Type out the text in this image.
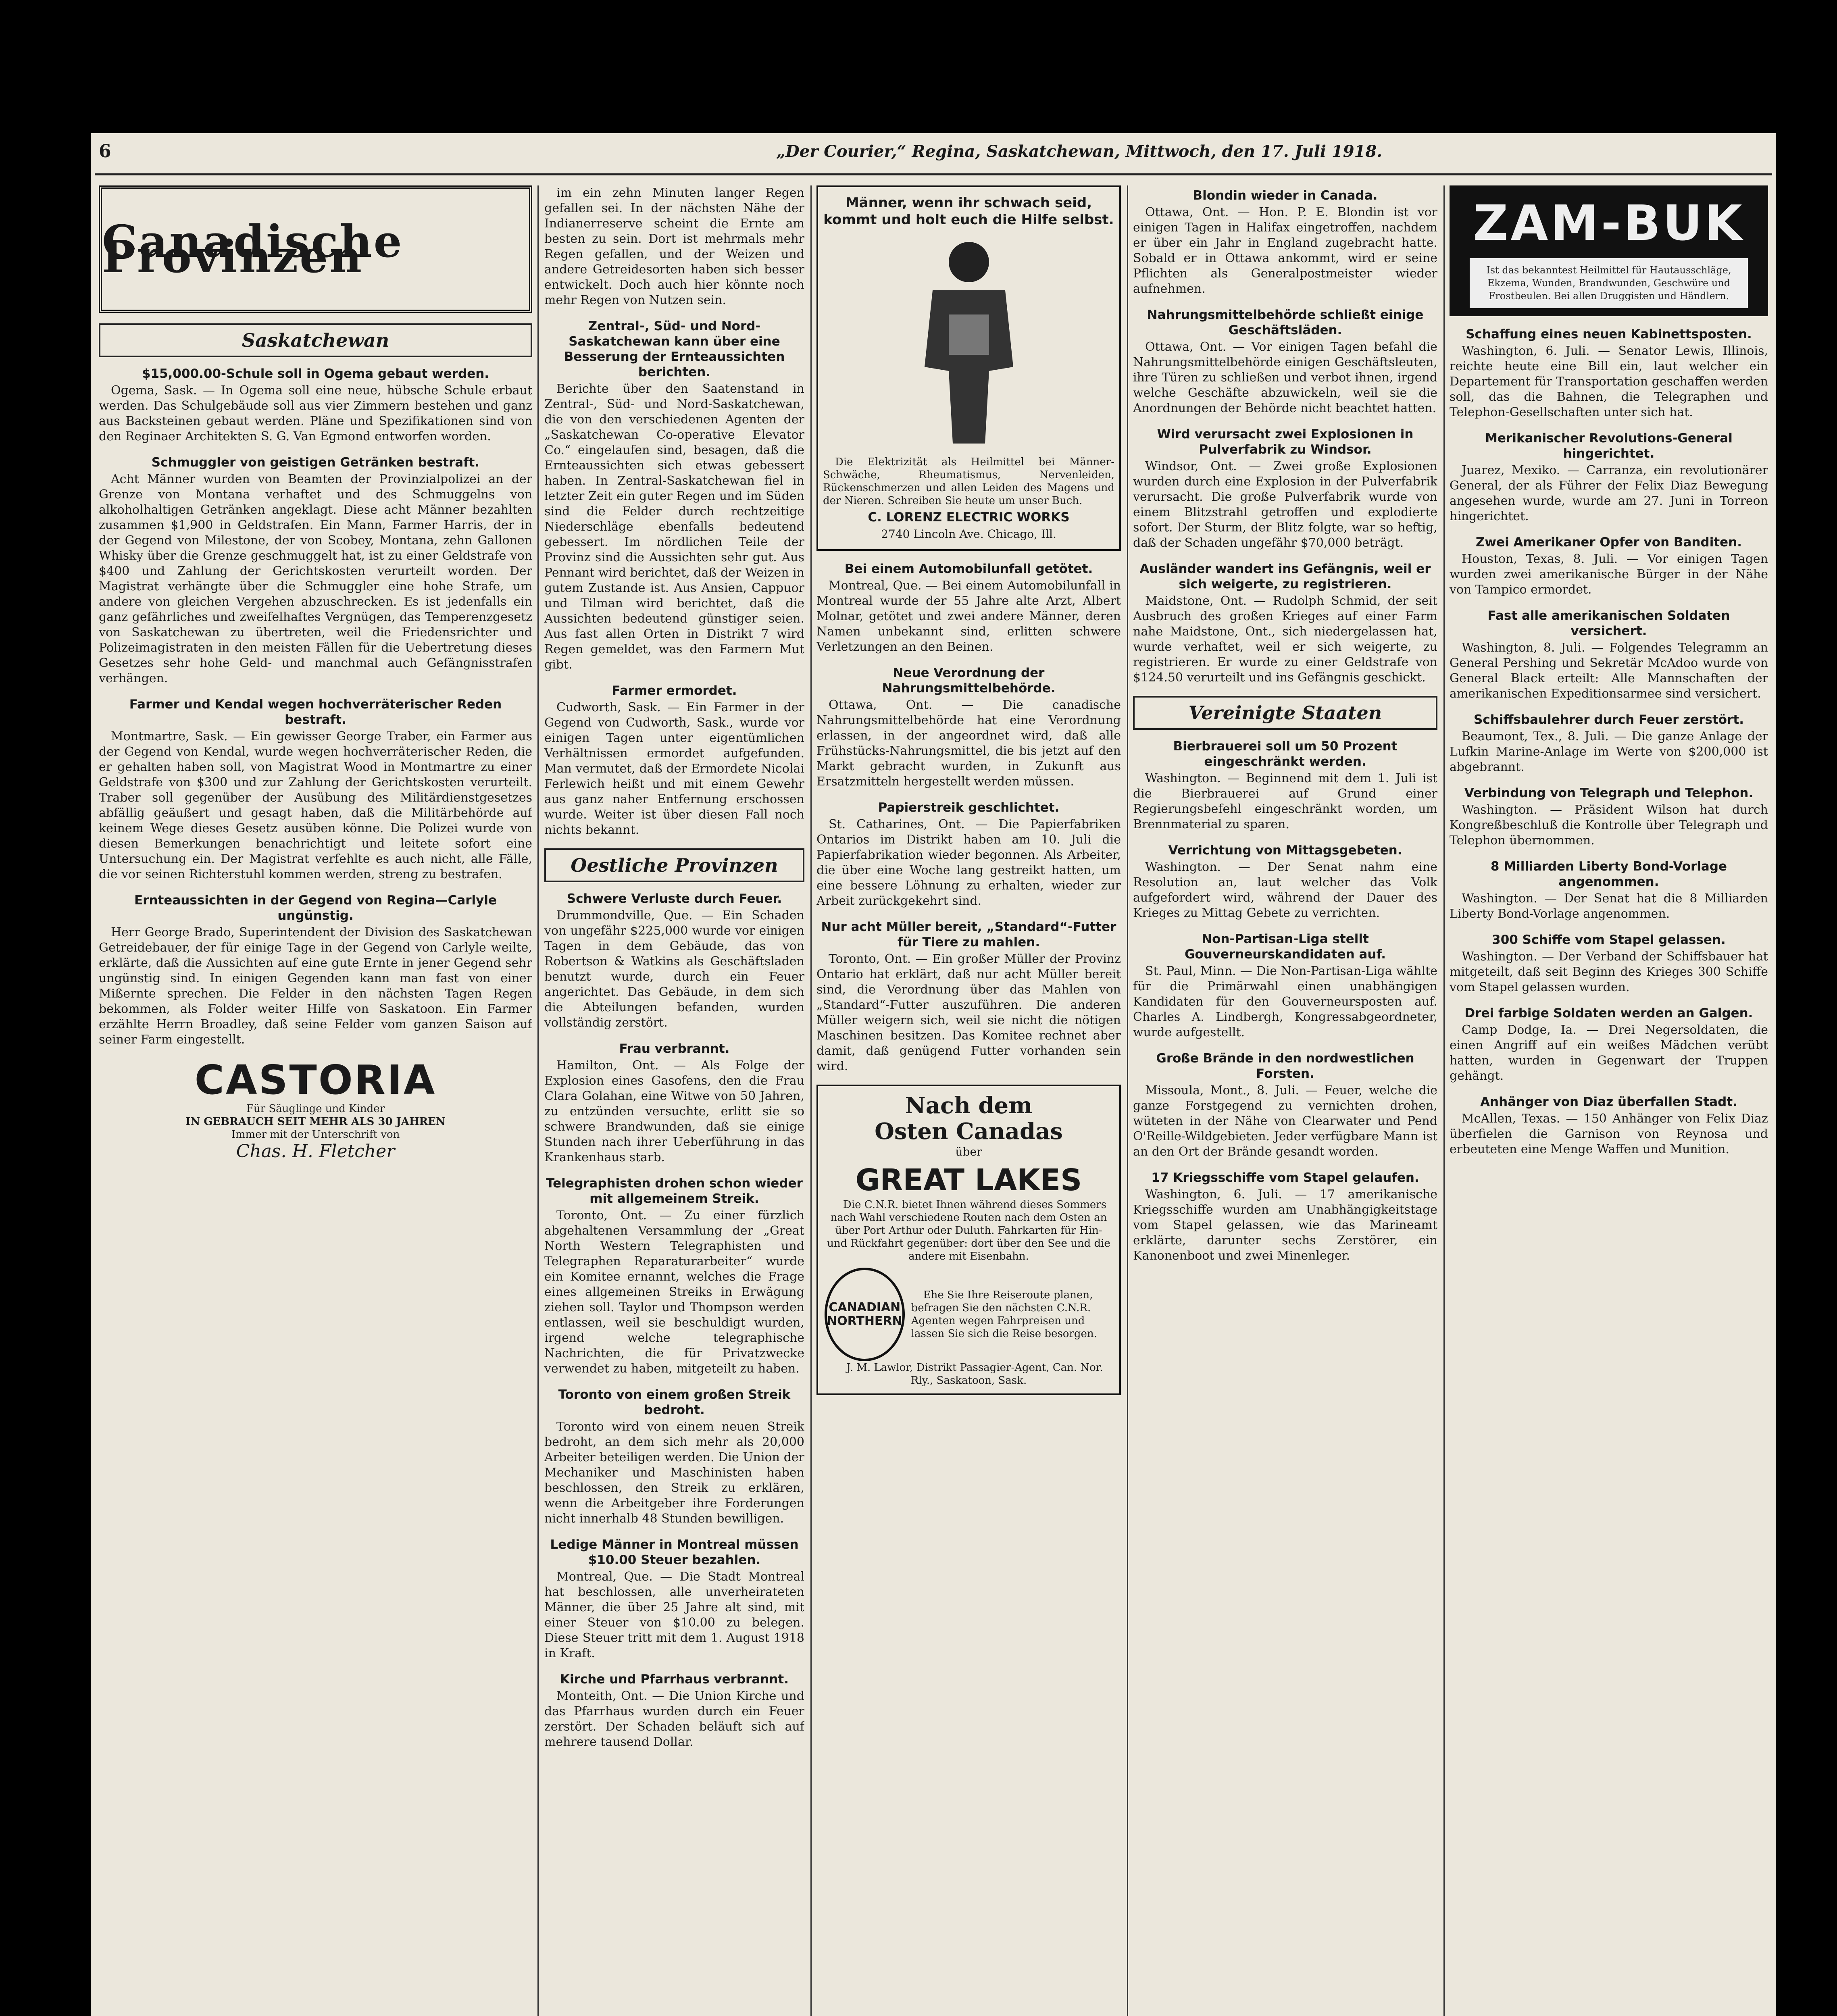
6	„Der Courier,“ Regina, Saskatchewan, Mittwoch, den 17. Juli 1918.
Canadische Provinzen
Saskatchewan
$15,000.00-Schule soll in Ogema gebaut werden.

Ogema, Sask. — In Ogema soll eine neue, hübsche Schule erbaut werden. Das Schulgebäude soll aus vier Zimmern bestehen und ganz aus Backsteinen gebaut werden. Pläne und Spezifikationen sind von den Reginaer Architekten S. G. Van Egmond entworfen worden.

Schmuggler von geistigen Getränken bestraft.

Acht Männer wurden von Beamten der Provinzialpolizei an der Grenze von Montana verhaftet und des Schmuggelns von alkoholhaltigen Getränken angeklagt. Diese acht Männer bezahlten zusammen $1,900 in Geldstrafen. Ein Mann, Farmer Harris, der in der Gegend von Milestone, der von Scobey, Montana, zehn Gallonen Whisky über die Grenze geschmuggelt hat, ist zu einer Geldstrafe von $400 und Zahlung der Gerichtskosten verurteilt worden. Der Magistrat verhängte über die Schmuggler eine hohe Strafe, um andere von gleichen Vergehen abzuschrecken. Es ist jedenfalls ein ganz gefährliches und zweifelhaftes Vergnügen, das Temperenzgesetz von Saskatchewan zu übertreten, weil die Friedensrichter und Polizeimagistraten in den meisten Fällen für die Uebertretung dieses Gesetzes sehr hohe Geld- und manchmal auch Gefängnisstrafen verhängen.

Farmer und Kendal wegen hochverräterischer Reden bestraft.

Montmartre, Sask. — Ein gewisser George Traber, ein Farmer aus der Gegend von Kendal, wurde wegen hochverräterischer Reden, die er gehalten haben soll, von Magistrat Wood in Montmartre zu einer Geldstrafe von $300 und zur Zahlung der Gerichtskosten verurteilt. Traber soll gegenüber der Ausübung des Militärdienstgesetzes abfällig geäußert und gesagt haben, daß die Militärbehörde auf keinem Wege dieses Gesetz ausüben könne. Die Polizei wurde von diesen Bemerkungen benachrichtigt und leitete sofort eine Untersuchung ein. Der Magistrat verfehlte es auch nicht, alle Fälle, die vor seinen Richterstuhl kommen werden, streng zu bestrafen.

Ernteaussichten in der Gegend von Regina—Carlyle ungünstig.

Herr George Brado, Superintendent der Division des Saskatchewan Getreidebauer, der für einige Tage in der Gegend von Carlyle weilte, erklärte, daß die Aussichten auf eine gute Ernte in jener Gegend sehr ungünstig sind. In einigen Gegenden kann man fast von einer Mißernte sprechen. Die Felder in den nächsten Tagen Regen bekommen, als Folder weiter Hilfe von Saskatoon. Ein Farmer erzählte Herrn Broadley, daß seine Felder vom ganzen Saison auf seiner Farm eingestellt.

CASTORIA
Für Säuglinge und Kinder
IN GEBRAUCH SEIT MEHR ALS 30 JAHREN
Immer mit der Unterschrift von
Chas. H. Fletcher

im ein zehn Minuten langer Regen gefallen sei. In der nächsten Nähe der Indianerreserve scheint die Ernte am besten zu sein. Dort ist mehrmals mehr Regen gefallen, und der Weizen und andere Getreidesorten haben sich besser entwickelt. Doch auch hier könnte noch mehr Regen von Nutzen sein.

Zentral-, Süd- und Nord-Saskatchewan kann über eine Besserung der Ernteaussichten berichten.

Berichte über den Saatenstand in Zentral-, Süd- und Nord-Saskatchewan, die von den verschiedenen Agenten der „Saskatchewan Co-operative Elevator Co.“ eingelaufen sind, besagen, daß die Ernteaussichten sich etwas gebessert haben. In Zentral-Saskatchewan fiel in letzter Zeit ein guter Regen und im Süden sind die Felder durch rechtzeitige Niederschläge ebenfalls bedeutend gebessert. Im nördlichen Teile der Provinz sind die Aussichten sehr gut. Aus Pennant wird berichtet, daß der Weizen in gutem Zustande ist. Aus Ansien, Cappuor und Tilman wird berichtet, daß die Aussichten bedeutend günstiger seien. Aus fast allen Orten in Distrikt 7 wird Regen gemeldet, was den Farmern Mut gibt.

Farmer ermordet.

Cudworth, Sask. — Ein Farmer in der Gegend von Cudworth, Sask., wurde vor einigen Tagen unter eigentümlichen Verhältnissen ermordet aufgefunden. Man vermutet, daß der Ermordete Nicolai Ferlewich heißt und mit einem Gewehr aus ganz naher Entfernung erschossen wurde. Weiter ist über diesen Fall noch nichts bekannt.

Oestliche Provinzen
Schwere Verluste durch Feuer.

Drummondville, Que. — Ein Schaden von ungefähr $225,000 wurde vor einigen Tagen in dem Gebäude, das von Robertson & Watkins als Geschäftsladen benutzt wurde, durch ein Feuer angerichtet. Das Gebäude, in dem sich die Abteilungen befanden, wurden vollständig zerstört.

Frau verbrannt.

Hamilton, Ont. — Als Folge der Explosion eines Gasofens, den die Frau Clara Golahan, eine Witwe von 50 Jahren, zu entzünden versuchte, erlitt sie so schwere Brandwunden, daß sie einige Stunden nach ihrer Ueberführung in das Krankenhaus starb.

Telegraphisten drohen schon wieder mit allgemeinem Streik.

Toronto, Ont. — Zu einer fürzlich abgehaltenen Versammlung der „Great North Western Telegraphisten und Telegraphen Reparaturarbeiter“ wurde ein Komitee ernannt, welches die Frage eines allgemeinen Streiks in Erwägung ziehen soll. Taylor und Thompson werden entlassen, weil sie beschuldigt wurden, irgend welche telegraphische Nachrichten, die für Privatzwecke verwendet zu haben, mitgeteilt zu haben.

Toronto von einem großen Streik bedroht.

Toronto wird von einem neuen Streik bedroht, an dem sich mehr als 20,000 Arbeiter beteiligen werden. Die Union der Mechaniker und Maschinisten haben beschlossen, den Streik zu erklären, wenn die Arbeitgeber ihre Forderungen nicht innerhalb 48 Stunden bewilligen.

Ledige Männer in Montreal müssen $10.00 Steuer bezahlen.

Montreal, Que. — Die Stadt Montreal hat beschlossen, alle unverheirateten Männer, die über 25 Jahre alt sind, mit einer Steuer von $10.00 zu belegen. Diese Steuer tritt mit dem 1. August 1918 in Kraft.

Kirche und Pfarrhaus verbrannt.

Monteith, Ont. — Die Union Kirche und das Pfarrhaus wurden durch ein Feuer zerstört. Der Schaden beläuft sich auf mehrere tausend Dollar.

Männer, wenn ihr schwach seid, kommt und holt euch die Hilfe selbst.

Die Elektrizität als Heilmittel bei Männer-Schwäche, Rheumatismus, Nervenleiden, Rückenschmerzen und allen Leiden des Magens und der Nieren. Schreiben Sie heute um unser Buch.

C. LORENZ ELECTRIC WORKS
2740 Lincoln Ave. Chicago, Ill.
Bei einem Automobilunfall getötet.

Montreal, Que. — Bei einem Automobilunfall in Montreal wurde der 55 Jahre alte Arzt, Albert Molnar, getötet und zwei andere Männer, deren Namen unbekannt sind, erlitten schwere Verletzungen an den Beinen.

Neue Verordnung der Nahrungsmittelbehörde.

Ottawa, Ont. — Die canadische Nahrungsmittelbehörde hat eine Verordnung erlassen, in der angeordnet wird, daß alle Frühstücks-Nahrungsmittel, die bis jetzt auf den Markt gebracht wurden, in Zukunft aus Ersatzmitteln hergestellt werden müssen.

Papierstreik geschlichtet.

St. Catharines, Ont. — Die Papierfabriken Ontarios im Distrikt haben am 10. Juli die Papierfabrikation wieder begonnen. Als Arbeiter, die über eine Woche lang gestreikt hatten, um eine bessere Löhnung zu erhalten, wieder zur Arbeit zurückgekehrt sind.

Nur acht Müller bereit, „Standard“-Futter für Tiere zu mahlen.

Toronto, Ont. — Ein großer Müller der Provinz Ontario hat erklärt, daß nur acht Müller bereit sind, die Verordnung über das Mahlen von „Standard“-Futter auszuführen. Die anderen Müller weigern sich, weil sie nicht die nötigen Maschinen besitzen. Das Komitee rechnet aber damit, daß genügend Futter vorhanden sein wird.

Nach dem
Osten Canadas
über
GREAT LAKES

Die C.N.R. bietet Ihnen während dieses Sommers nach Wahl verschiedene Routen nach dem Osten an über Port Arthur oder Duluth. Fahrkarten für Hin- und Rückfahrt gegenüber: dort über den See und die andere mit Eisenbahn.

CANADIAN
NORTHERN

Ehe Sie Ihre Reiseroute planen, befragen Sie den nächsten C.N.R. Agenten wegen Fahrpreisen und lassen Sie sich die Reise besorgen.

J. M. Lawlor, Distrikt Passagier-Agent, Can. Nor. Rly., Saskatoon, Sask.

Blondin wieder in Canada.

Ottawa, Ont. — Hon. P. E. Blondin ist vor einigen Tagen in Halifax eingetroffen, nachdem er über ein Jahr in England zugebracht hatte. Sobald er in Ottawa ankommt, wird er seine Pflichten als Generalpostmeister wieder aufnehmen.

Nahrungsmittelbehörde schließt einige Geschäftsläden.

Ottawa, Ont. — Vor einigen Tagen befahl die Nahrungsmittelbehörde einigen Geschäftsleuten, ihre Türen zu schließen und verbot ihnen, irgend welche Geschäfte abzuwickeln, weil sie die Anordnungen der Behörde nicht beachtet hatten.

Wird verursacht zwei Explosionen in Pulverfabrik zu Windsor.

Windsor, Ont. — Zwei große Explosionen wurden durch eine Explosion in der Pulverfabrik verursacht. Die große Pulverfabrik wurde von einem Blitzstrahl getroffen und explodierte sofort. Der Sturm, der Blitz folgte, war so heftig, daß der Schaden ungefähr $70,000 beträgt.

Ausländer wandert ins Gefängnis, weil er sich weigerte, zu registrieren.

Maidstone, Ont. — Rudolph Schmid, der seit Ausbruch des großen Krieges auf einer Farm nahe Maidstone, Ont., sich niedergelassen hat, wurde verhaftet, weil er sich weigerte, zu registrieren. Er wurde zu einer Geldstrafe von $124.50 verurteilt und ins Gefängnis geschickt.

Vereinigte Staaten
Bierbrauerei soll um 50 Prozent eingeschränkt werden.

Washington. — Beginnend mit dem 1. Juli ist die Bierbrauerei auf Grund einer Regierungsbefehl eingeschränkt worden, um Brennmaterial zu sparen.

Verrichtung von Mittagsgebeten.

Washington. — Der Senat nahm eine Resolution an, laut welcher das Volk aufgefordert wird, während der Dauer des Krieges zu Mittag Gebete zu verrichten.

Non-Partisan-Liga stellt Gouverneurskandidaten auf.

St. Paul, Minn. — Die Non-Partisan-Liga wählte für die Primärwahl einen unabhängigen Kandidaten für den Gouverneursposten auf. Charles A. Lindbergh, Kongressabgeordneter, wurde aufgestellt.

Große Brände in den nordwestlichen Forsten.

Missoula, Mont., 8. Juli. — Feuer, welche die ganze Forstgegend zu vernichten drohen, wüteten in der Nähe von Clearwater und Pend O'Reille-Wildgebieten. Jeder verfügbare Mann ist an den Ort der Brände gesandt worden.

17 Kriegsschiffe vom Stapel gelaufen.

Washington, 6. Juli. — 17 amerikanische Kriegsschiffe wurden am Unabhängigkeitstage vom Stapel gelassen, wie das Marineamt erklärte, darunter sechs Zerstörer, ein Kanonenboot und zwei Minenleger.

ZAM-BUK
Ist das bekanntest Heilmittel für Hautausschläge, Ekzema, Wunden, Brandwunden, Geschwüre und Frostbeulen. Bei allen Druggisten und Händlern.
Schaffung eines neuen Kabinettsposten.

Washington, 6. Juli. — Senator Lewis, Illinois, reichte heute eine Bill ein, laut welcher ein Departement für Transportation geschaffen werden soll, das die Bahnen, die Telegraphen und Telephon-Gesellschaften unter sich hat.

Merikanischer Revolutions-General hingerichtet.

Juarez, Mexiko. — Carranza, ein revolutionärer General, der als Führer der Felix Diaz Bewegung angesehen wurde, wurde am 27. Juni in Torreon hingerichtet.

Zwei Amerikaner Opfer von Banditen.

Houston, Texas, 8. Juli. — Vor einigen Tagen wurden zwei amerikanische Bürger in der Nähe von Tampico ermordet.

Fast alle amerikanischen Soldaten versichert.

Washington, 8. Juli. — Folgendes Telegramm an General Pershing und Sekretär McAdoo wurde von General Black erteilt: Alle Mannschaften der amerikanischen Expeditionsarmee sind versichert.

Schiffsbaulehrer durch Feuer zerstört.

Beaumont, Tex., 8. Juli. — Die ganze Anlage der Lufkin Marine-Anlage im Werte von $200,000 ist abgebrannt.

Verbindung von Telegraph und Telephon.

Washington. — Präsident Wilson hat durch Kongreßbeschluß die Kontrolle über Telegraph und Telephon übernommen.

8 Milliarden Liberty Bond-Vorlage angenommen.

Washington. — Der Senat hat die 8 Milliarden Liberty Bond-Vorlage angenommen.

300 Schiffe vom Stapel gelassen.

Washington. — Der Verband der Schiffsbauer hat mitgeteilt, daß seit Beginn des Krieges 300 Schiffe vom Stapel gelassen wurden.

Drei farbige Soldaten werden an Galgen.

Camp Dodge, Ia. — Drei Negersoldaten, die einen Angriff auf ein weißes Mädchen verübt hatten, wurden in Gegenwart der Truppen gehängt.

Anhänger von Diaz überfallen Stadt.

McAllen, Texas. — 150 Anhänger von Felix Diaz überfielen die Garnison von Reynosa und erbeuteten eine Menge Waffen und Munition.
